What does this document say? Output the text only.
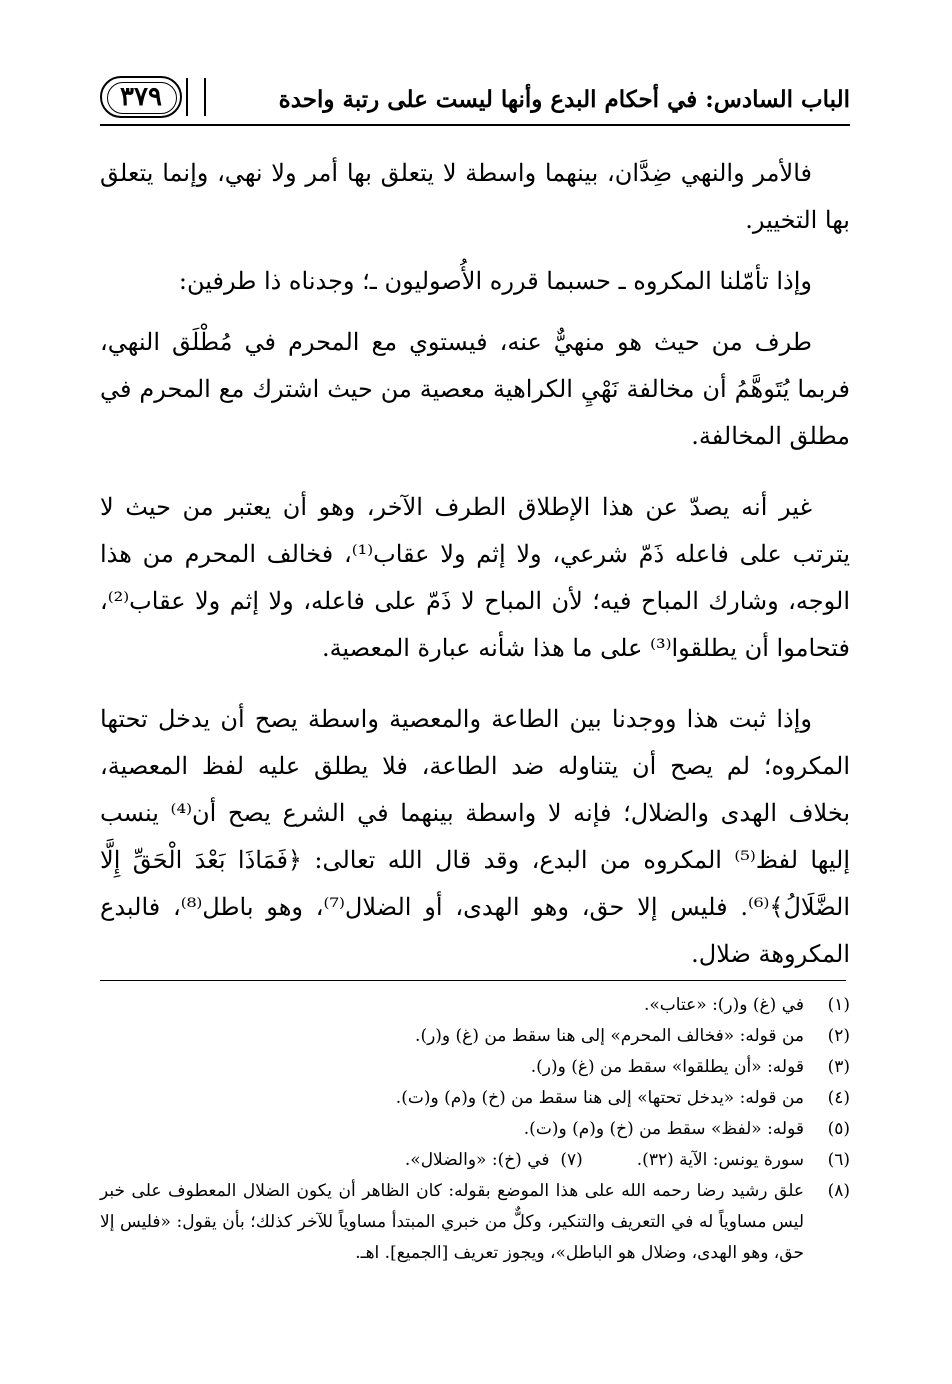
الباب السادس: في أحكام البدع وأنها ليست على رتبة واحدة
٣٧٩

فالأمر والنهي ضِدَّان، بينهما واسطة لا يتعلق بها أمر ولا نهي، وإنما يتعلق بها التخيير.

وإذا تأمّلنا المكروه ـ حسبما قرره الأُصوليون ـ؛ وجدناه ذا طرفين:

طرف من حيث هو منهيٌّ عنه، فيستوي مع المحرم في مُطْلَق النهي، فربما يُتَوهَّمُ أن مخالفة نَهْيِ الكراهية معصية من حيث اشترك مع المحرم في مطلق المخالفة.

غير أنه يصدّ عن هذا الإطلاق الطرف الآخر، وهو أن يعتبر من حيث لا يترتب على فاعله ذَمّ شرعي، ولا إثم ولا عقاب⁽¹⁾، فخالف المحرم من هذا الوجه، وشارك المباح فيه؛ لأن المباح لا ذَمّ على فاعله، ولا إثم ولا عقاب⁽²⁾، فتحاموا أن يطلقوا⁽³⁾ على ما هذا شأنه عبارة المعصية.

وإذا ثبت هذا ووجدنا بين الطاعة والمعصية واسطة يصح أن يدخل تحتها المكروه؛ لم يصح أن يتناوله ضد الطاعة، فلا يطلق عليه لفظ المعصية، بخلاف الهدى والضلال؛ فإنه لا واسطة بينهما في الشرع يصح أن⁽⁴⁾ ينسب إليها لفظ⁽⁵⁾ المكروه من البدع، وقد قال الله تعالى: ﴿فَمَاذَا بَعْدَ الْحَقِّ إِلَّا الضَّلَالُ﴾⁽⁶⁾. فليس إلا حق، وهو الهدى، أو الضلال⁽⁷⁾، وهو باطل⁽⁸⁾، فالبدع المكروهة ضلال.

(١)
في (غ) و(ر): «عتاب».
(٢)
من قوله: «فخالف المحرم» إلى هنا سقط من (غ) و(ر).
(٣)
قوله: «أن يطلقوا» سقط من (غ) و(ر).
(٤)
من قوله: «يدخل تحتها» إلى هنا سقط من (خ) و(م) و(ت).
(٥)
قوله: «لفظ» سقط من (خ) و(م) و(ت).
(٦)
سورة يونس: الآية (٣٢).          (٧)  في (خ): «والضلال».
(٨)
علق رشيد رضا رحمه الله على هذا الموضع بقوله: كان الظاهر أن يكون الضلال المعطوف على خبر ليس مساوياً له في التعريف والتنكير، وكلٌّ من خبري المبتدأ مساوياً للآخر كذلك؛ بأن يقول: «فليس إلا حق، وهو الهدى، وضلال هو الباطل»، ويجوز تعريف [الجميع]. اهـ.
